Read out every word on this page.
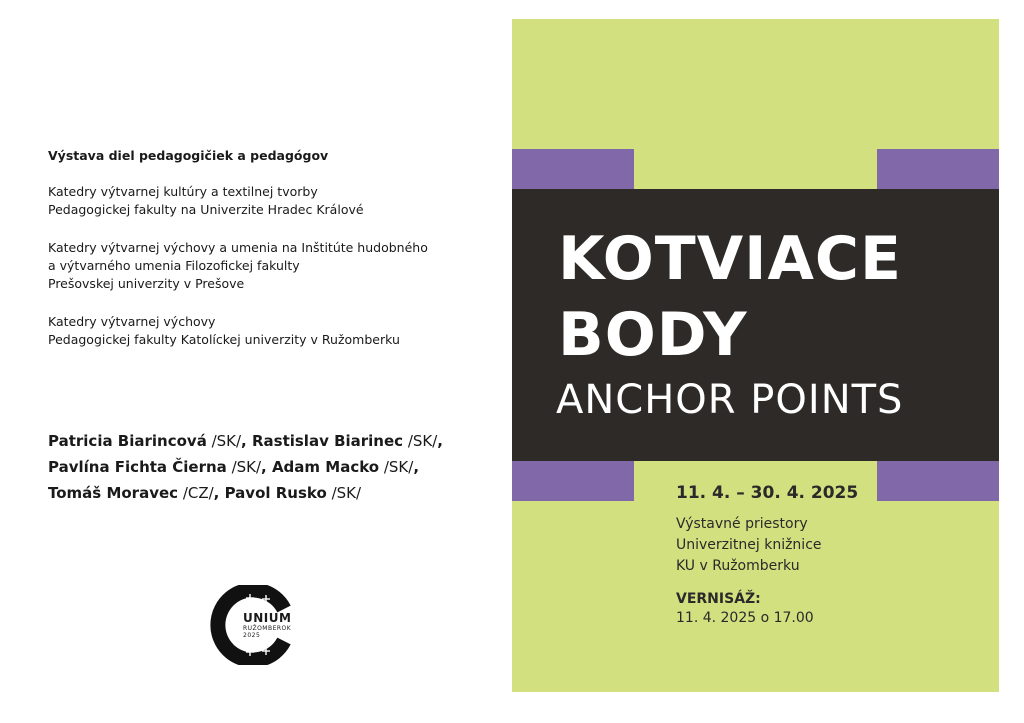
Výstava diel pedagogičiek a pedagógov
Katedry výtvarnej kultúry a textilnej tvorby
Pedagogickej fakulty na Univerzite Hradec Králové
Katedry výtvarnej výchovy a umenia na Inštitúte hudobného
a výtvarného umenia Filozofickej fakulty
Prešovskej univerzity v Prešove
Katedry výtvarnej výchovy
Pedagogickej fakulty Katolíckej univerzity v Ružomberku
Patricia Biarincová /SK/, Rastislav Biarinec /SK/,
Pavlína Fichta Čierna /SK/, Adam Macko /SK/,
Tomáš Moravec /CZ/, Pavol Rusko /SK/
UNIUM
RUŽOMBEROK
2025
KOTVIACE
BODY
ANCHOR POINTS
11. 4. – 30. 4. 2025
Výstavné priestory
Univerzitnej knižnice
KU v Ružomberku
VERNISÁŽ:
11. 4. 2025 o 17.00
